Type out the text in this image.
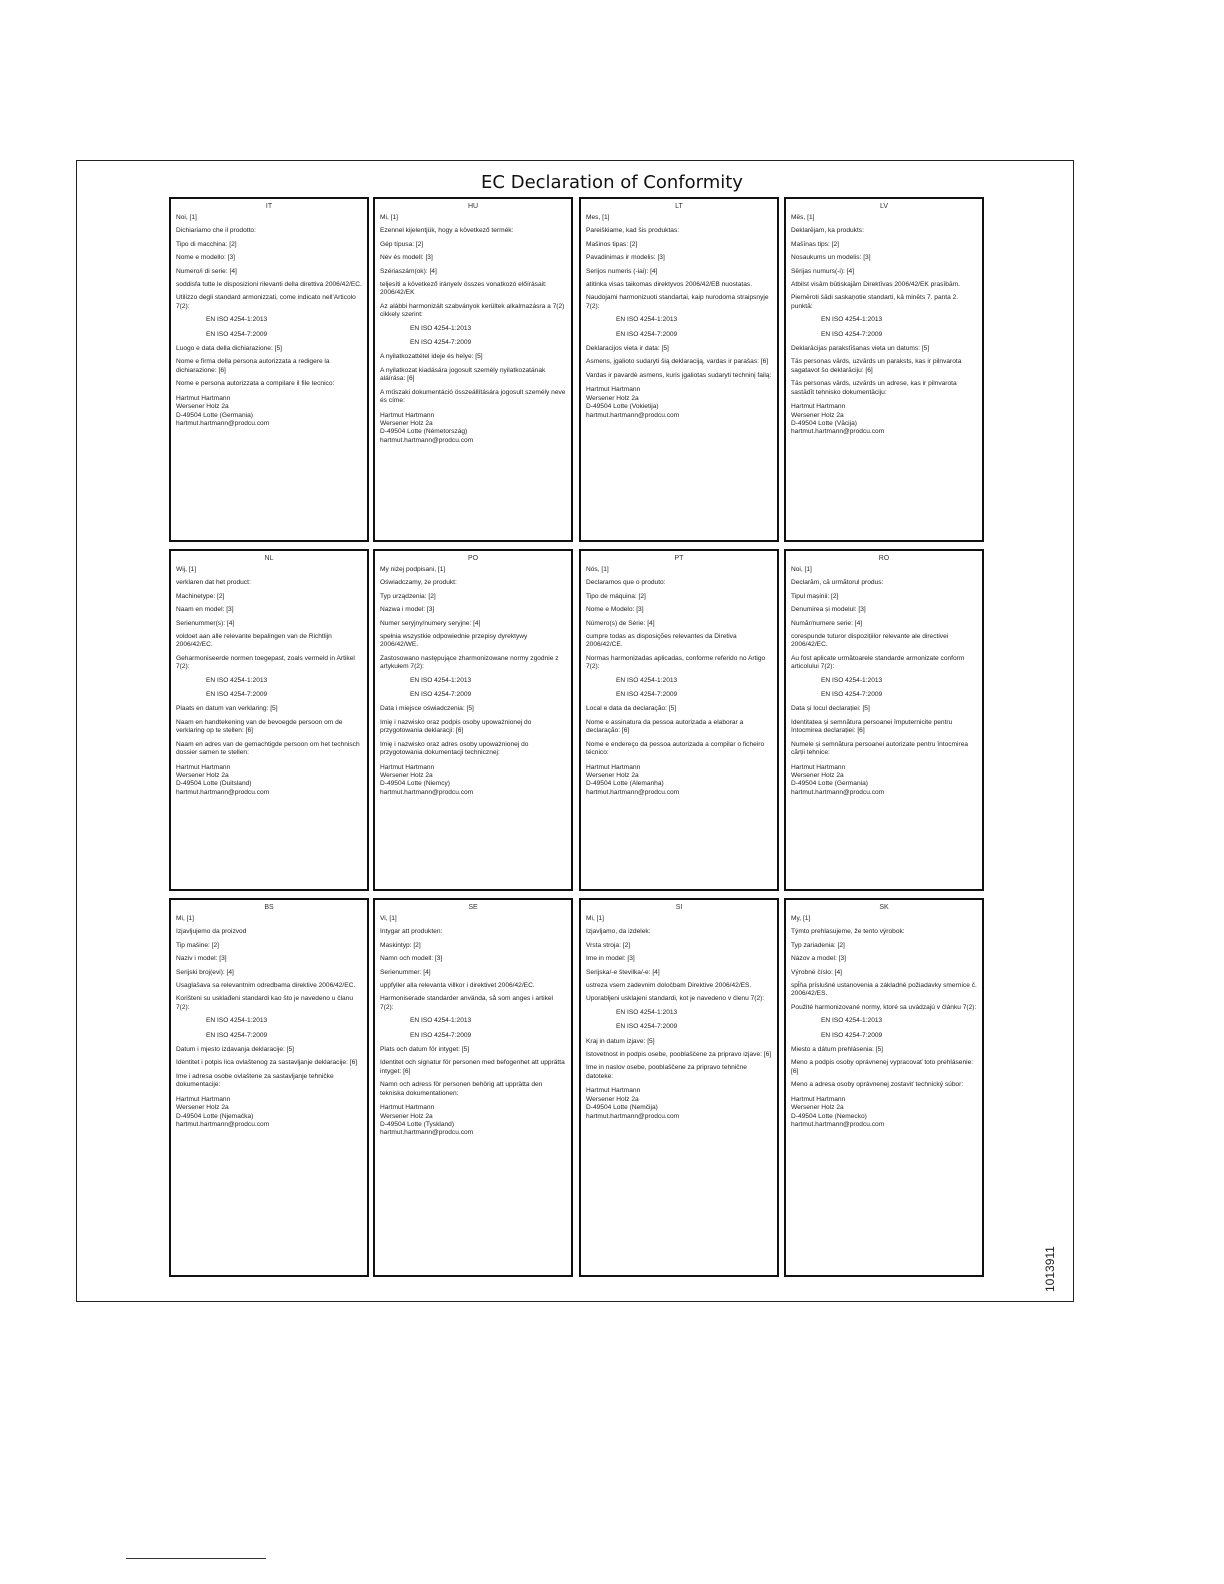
EC Declaration of Conformity
IT
Noi, [1]
Dichiariamo che il prodotto:
Tipo di macchina: [2]
Nome e modello: [3]
Numero/i di serie: [4]
soddisfa tutte le disposizioni rilevanti della direttiva 2006/42/EC.
Utilizzo degli standard armonizzati, come indicato nell'Articolo 7(2):
EN ISO 4254-1:2013
EN ISO 4254-7:2009
Luogo e data della dichiarazione: [5]
Nome e firma della persona autorizzata a redigere la dichiarazione: [6]
Nome e persona autorizzata a compilare il file tecnico:
Hartmut Hartmann
Wersener Holz 2a
D-49504 Lotte (Germania)
hartmut.hartmann@prodcu.com
HU
Mi, [1]
Ezennel kijelentjük, hogy a következő termék:
Gép típusa: [2]
Név és modell: [3]
Szériaszám(ok): [4]
teljesíti a következő irányelv összes vonatkozó előírásait: 2006/42/EK
Az alábbi harmonizált szabványok kerültek alkalmazásra a 7(2) cikkely szerint:
EN ISO 4254-1:2013
EN ISO 4254-7:2009
A nyilatkozattétel ideje és helye: [5]
A nyilatkozat kiadására jogosult személy nyilatkozatának aláírása: [6]
A műszaki dokumentáció összeállítására jogosult személy neve és címe:
Hartmut Hartmann
Wersener Holz 2a
D-49504 Lotte (Németország)
hartmut.hartmann@prodcu.com
LT
Mes, [1]
Pareiškiame, kad šis produktas:
Mašinos tipas: [2]
Pavadinimas ir modelis: [3]
Serijos numeris (-iai): [4]
atitinka visas taikomas direktyvos 2006/42/EB nuostatas.
Naudojami harmonizuoti standartai, kaip nurodoma straipsnyje 7(2):
EN ISO 4254-1:2013
EN ISO 4254-7:2009
Deklaracijos vieta ir data: [5]
Asmens, įgalioto sudaryti šią deklaraciją, vardas ir parašas: [6]
Vardas ir pavardė asmens, kuris įgaliotas sudaryti techninį failą:
Hartmut Hartmann
Wersener Holz 2a
D-49504 Lotte (Vokietija)
hartmut.hartmann@prodcu.com
LV
Mēs, [1]
Deklarējam, ka produkts:
Mašīnas tips: [2]
Nosaukums un modelis: [3]
Sērijas numurs(-i): [4]
Atbilst visām būtiskajām Direktīvas 2006/42/EK prasībām.
Piemēroti šādi saskaņotie standarti, kā minēts 7. panta 2. punktā:
EN ISO 4254-1:2013
EN ISO 4254-7:2009
Deklarācijas parakstīšanas vieta un datums: [5]
Tās personas vārds, uzvārds un paraksts, kas ir pilnvarota sagatavot šo deklarāciju: [6]
Tās personas vārds, uzvārds un adrese, kas ir pilnvarota sastādīt tehnisko dokumentāciju:
Hartmut Hartmann
Wersener Holz 2a
D-49504 Lotte (Vācija)
hartmut.hartmann@prodcu.com
NL
Wij, [1]
verklaren dat het product:
Machinetype: [2]
Naam en model: [3]
Serienummer(s): [4]
voldoet aan alle relevante bepalingen van de Richtlijn 2006/42/EC.
Geharmoniseerde normen toegepast, zoals vermeld in Artikel 7(2):
EN ISO 4254-1:2013
EN ISO 4254-7:2009
Plaats en datum van verklaring: [5]
Naam en handtekening van de bevoegde persoon om de verklaring op te stellen: [6]
Naam en adres van de gemachtigde persoon om het technisch dossier samen te stellen:
Hartmut Hartmann
Wersener Holz 2a
D-49504 Lotte (Duitsland)
hartmut.hartmann@prodcu.com
PO
My niżej podpisani, [1]
Oświadczamy, że produkt:
Typ urządzenia: [2]
Nazwa i model: [3]
Numer seryjny/numery seryjne: [4]
spełnia wszystkie odpowiednie przepisy dyrektywy 2006/42/WE.
Zastosowano następujące zharmonizowane normy zgodnie z artykułem 7(2):
EN ISO 4254-1:2013
EN ISO 4254-7:2009
Data i miejsce oświadczenia: [5]
Imię i nazwisko oraz podpis osoby upoważnionej do przygotowania deklaracji: [6]
Imię i nazwisko oraz adres osoby upoważnionej do przygotowania dokumentacji technicznej:
Hartmut Hartmann
Wersener Holz 2a
D-49504 Lotte (Niemcy)
hartmut.hartmann@prodcu.com
PT
Nós, [1]
Declaramos que o produto:
Tipo de máquina: [2]
Nome e Modelo: [3]
Número(s) de Série: [4]
cumpre todas as disposições relevantes da Diretiva 2006/42/CE.
Normas harmonizadas aplicadas, conforme referido no Artigo 7(2):
EN ISO 4254-1:2013
EN ISO 4254-7:2009
Local e data da declaração: [5]
Nome e assinatura da pessoa autorizada a elaborar a declaração: [6]
Nome e endereço da pessoa autorizada a compilar o ficheiro técnico:
Hartmut Hartmann
Wersener Holz 2a
D-49504 Lotte (Alemanha)
hartmut.hartmann@prodcu.com
RO
Noi, [1]
Declarăm, că următorul produs:
Tipul mașinii: [2]
Denumirea și modelul: [3]
Număr/numere serie: [4]
corespunde tuturor dispozițiilor relevante ale directivei 2006/42/EC.
Au fost aplicate următoarele standarde armonizate conform articolului 7(2):
EN ISO 4254-1:2013
EN ISO 4254-7:2009
Data și locul declarației: [5]
Identitatea și semnătura persoanei împuternicite pentru întocmirea declarației: [6]
Numele și semnătura persoanei autorizate pentru întocmirea cărții tehnice:
Hartmut Hartmann
Wersener Holz 2a
D-49504 Lotte (Germania)
hartmut.hartmann@prodcu.com
BS
Mi, [1]
Izjavljujemo da proizvod
Tip mašine: [2]
Naziv i model: [3]
Serijski broj(evi): [4]
Usaglašava sa relevantnim odredbama direktive 2006/42/EC.
Korišteni su usklađeni standardi kao što je navedeno u članu 7(2):
EN ISO 4254-1:2013
EN ISO 4254-7:2009
Datum i mjesto izdavanja deklaracije: [5]
Identitet i potpis lica ovlaštenog za sastavljanje deklaracije: [6]
Ime i adresa osobe ovlaštene za sastavljanje tehničke dokumentacije:
Hartmut Hartmann
Wersener Holz 2a
D-49504 Lotte (Njemačka)
hartmut.hartmann@prodcu.com
SE
Vi, [1]
Intygar att produkten:
Maskintyp: [2]
Namn och modell: [3]
Serienummer: [4]
uppfyller alla relevanta villkor i direktivet 2006/42/EC.
Harmoniserade standarder använda, så som anges i artikel 7(2):
EN ISO 4254-1:2013
EN ISO 4254-7:2009
Plats och datum för intyget: [5]
Identitet och signatur för personen med befogenhet att upprätta intyget: [6]
Namn och adress för personen behörig att upprätta den tekniska dokumentationen:
Hartmut Hartmann
Wersener Holz 2a
D-49504 Lotte (Tyskland)
hartmut.hartmann@prodcu.com
SI
Mi, [1]
Izjavljamo, da izdelek:
Vrsta stroja: [2]
Ime in model: [3]
Serijska/-e številka/-e: [4]
ustreza vsem zadevnim določbam Direktive 2006/42/ES.
Uporabljeni usklajeni standardi, kot je navedeno v členu 7(2):
EN ISO 4254-1:2013
EN ISO 4254-7:2009
Kraj in datum izjave: [5]
Istovetnost in podpis osebe, pooblaščene za pripravo izjave: [6]
Ime in naslov osebe, pooblaščene za pripravo tehnične datoteke:
Hartmut Hartmann
Wersener Holz 2a
D-49504 Lotte (Nemčija)
hartmut.hartmann@prodcu.com
SK
My, [1]
Týmto prehlasujeme, že tento výrobok:
Typ zariadenia: [2]
Názov a model: [3]
Výrobné číslo: [4]
spĺňa príslušné ustanovenia a základné požiadavky smernice č. 2006/42/ES.
Použité harmonizované normy, ktoré sa uvádzajú v článku 7(2):
EN ISO 4254-1:2013
EN ISO 4254-7:2009
Miesto a dátum prehlásenia: [5]
Meno a podpis osoby oprávnenej vypracovať toto prehlásenie: [6]
Meno a adresa osoby oprávnenej zostaviť technický súbor:
Hartmut Hartmann
Wersener Holz 2a
D-49504 Lotte (Nemecko)
hartmut.hartmann@prodcu.com
1013911
